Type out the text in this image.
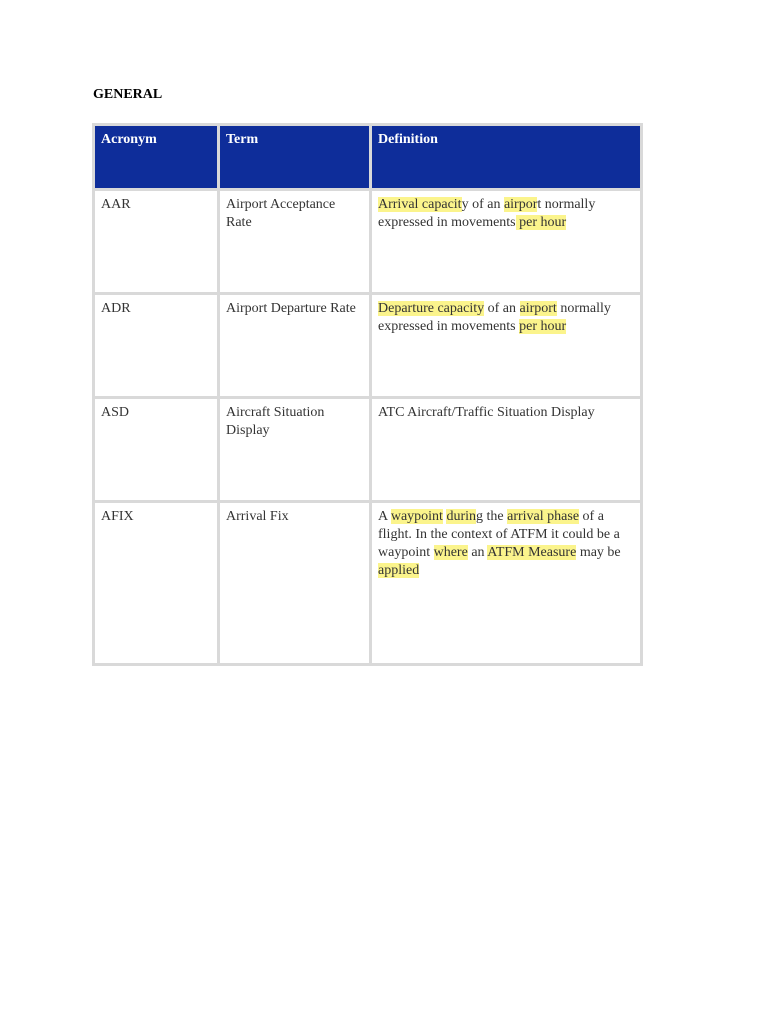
GENERAL
Acronym	Term	Definition
AAR	Airport Acceptance Rate	Arrival capacity of an airport normally expressed in movements per hour
ADR	Airport Departure Rate	Departure capacity of an airport normally expressed in movements per hour
ASD	Aircraft Situation Display	ATC Aircraft/Traffic Situation Display
AFIX	Arrival Fix	A waypoint during the arrival phase of a flight. In the context of ATFM it could be a waypoint where an ATFM Measure may be applied
